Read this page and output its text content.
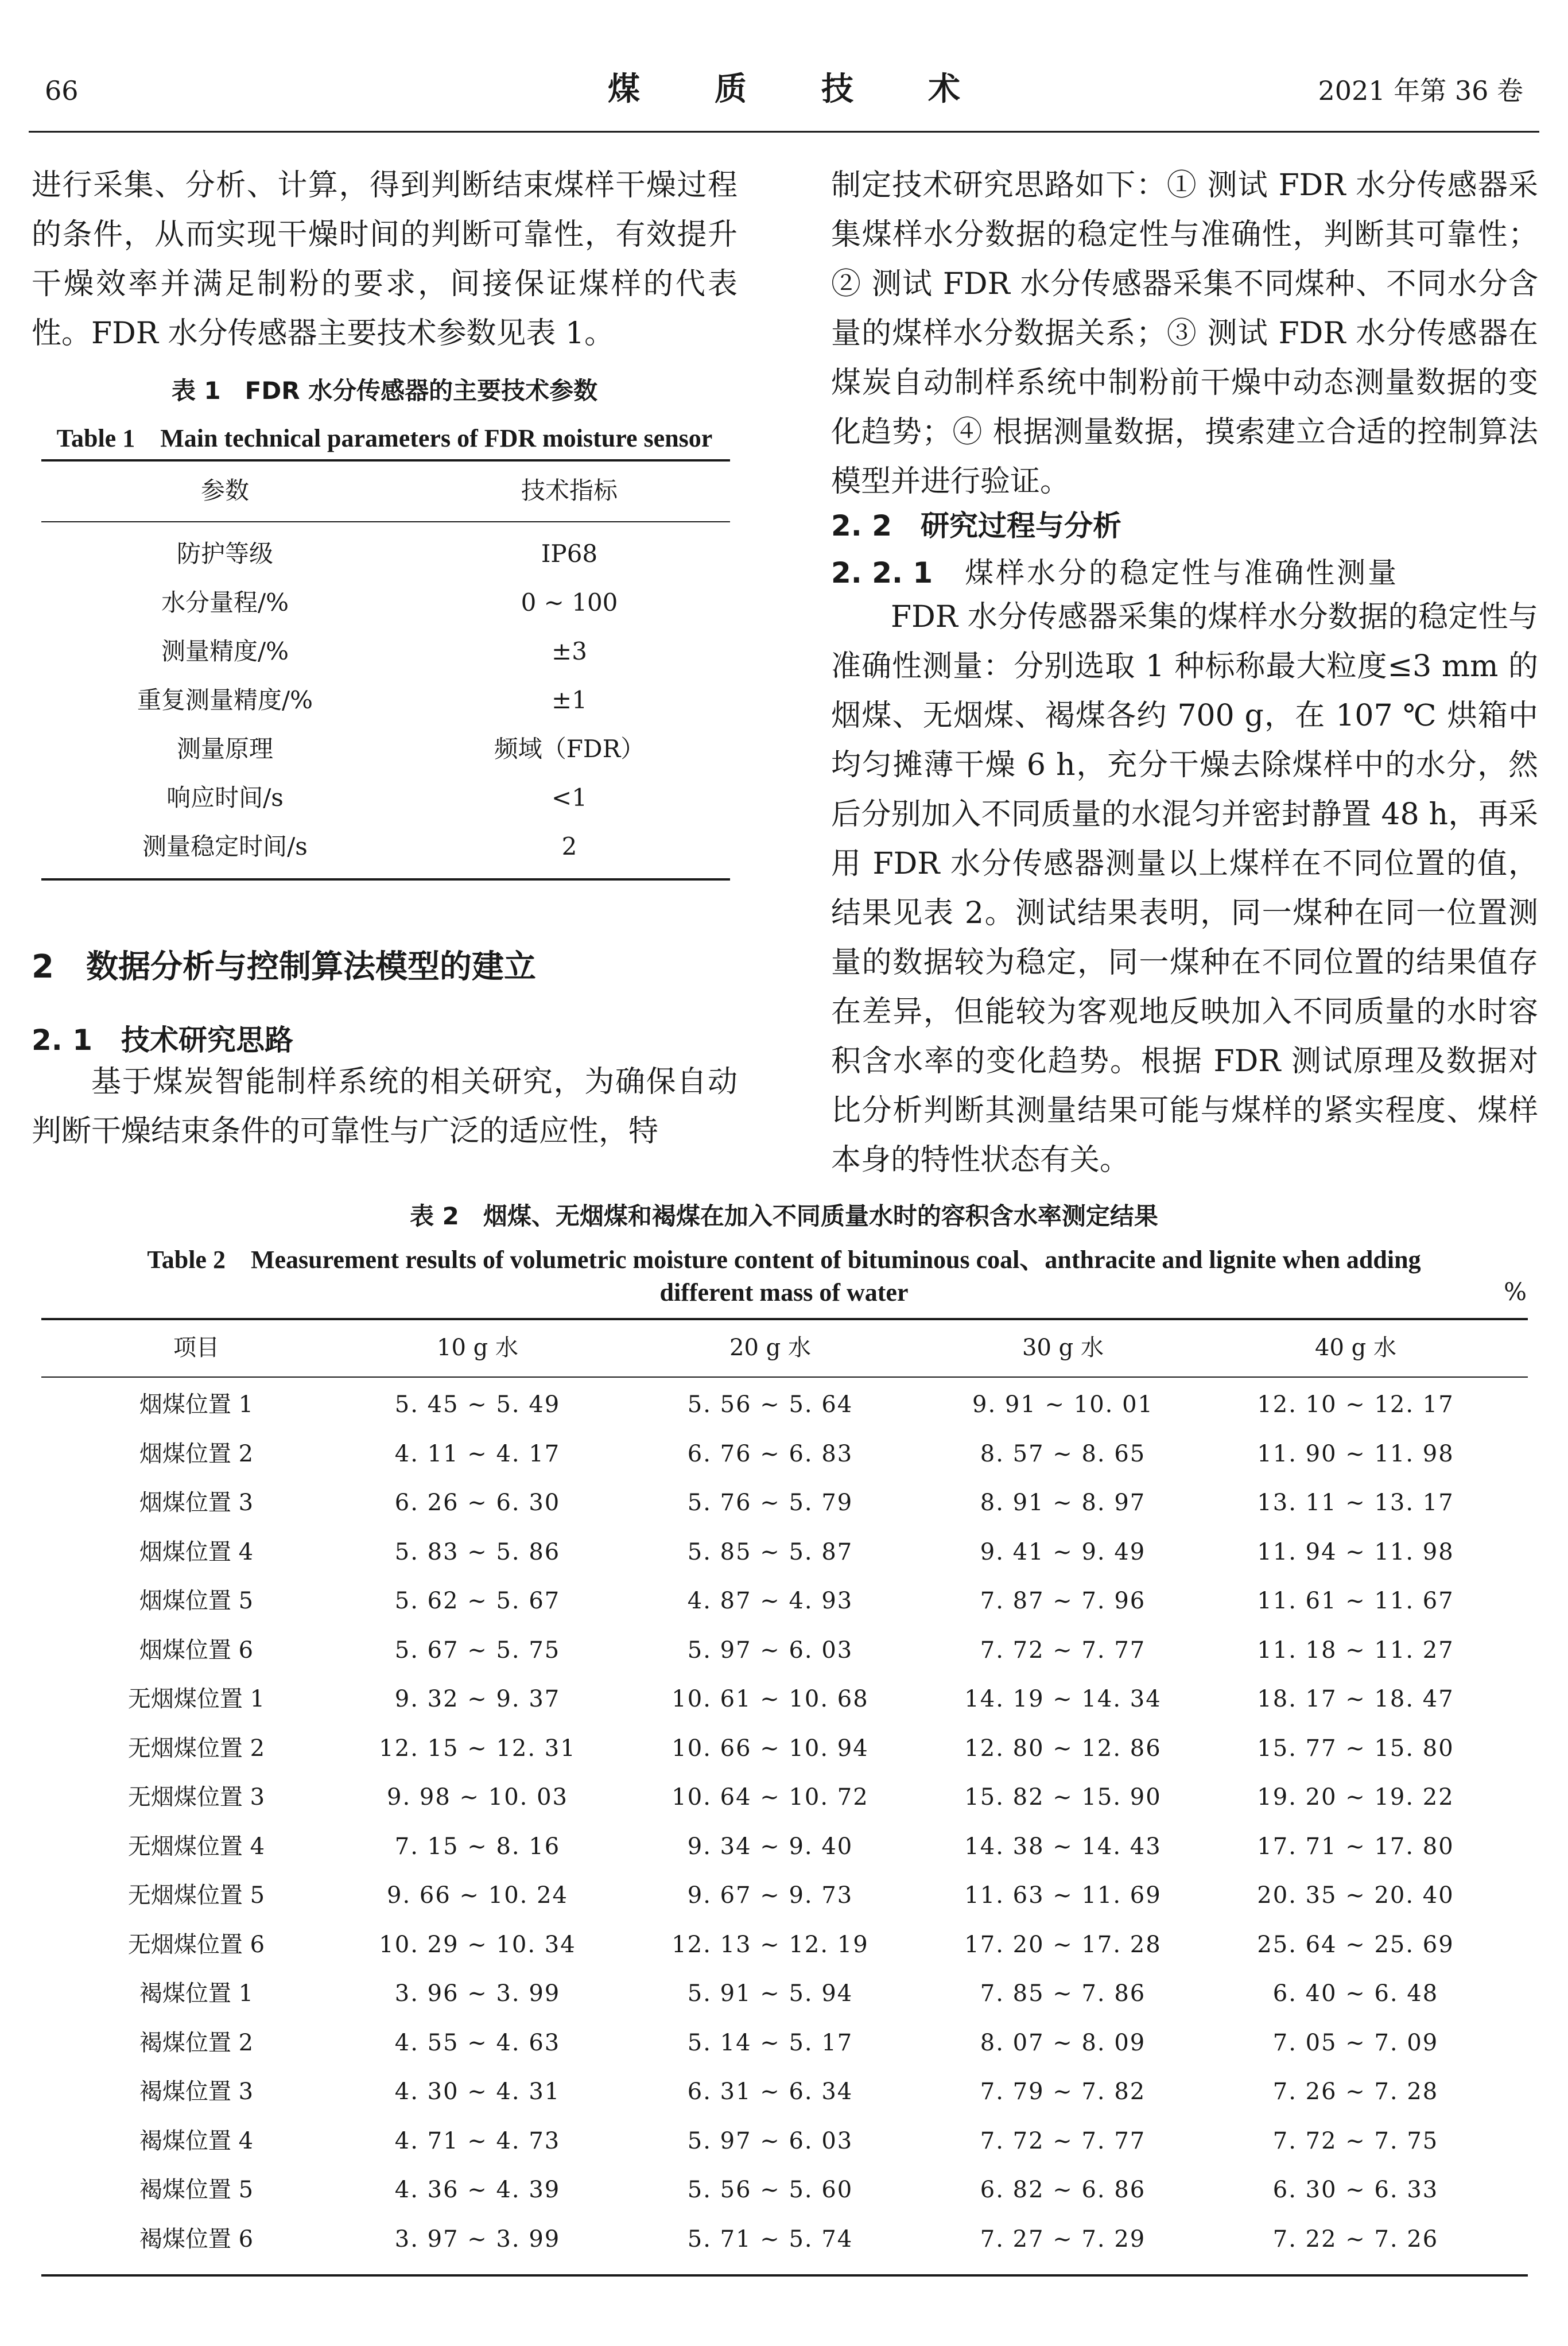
66	煤质技术	2021 年第 36 卷

进行采集、分析、计算，得到判断结束煤样干燥过程的条件，从而实现干燥时间的判断可靠性，有效提升干燥效率并满足制粉的要求，间接保证煤样的代表性。FDR 水分传感器主要技术参数见表 1。

表 1　FDR 水分传感器的主要技术参数
Table 1　Main technical parameters of FDR moisture sensor
参数	技术指标
防护等级	IP68
水分量程/%	0 ~ 100
测量精度/%	±3
重复测量精度/%	±1
测量原理	频域（FDR）
响应时间/s	<1
测量稳定时间/s	2
2　数据分析与控制算法模型的建立
2. 1　技术研究思路

基于煤炭智能制样系统的相关研究，为确保自动判断干燥结束条件的可靠性与广泛的适应性，特

制定技术研究思路如下：① 测试 FDR 水分传感器采集煤样水分数据的稳定性与准确性，判断其可靠性；② 测试 FDR 水分传感器采集不同煤种、不同水分含量的煤样水分数据关系；③ 测试 FDR 水分传感器在煤炭自动制样系统中制粉前干燥中动态测量数据的变化趋势；④ 根据测量数据，摸索建立合适的控制算法模型并进行验证。

2. 2　研究过程与分析
2. 2. 1 煤样水分的稳定性与准确性测量

FDR 水分传感器采集的煤样水分数据的稳定性与准确性测量：分别选取 1 种标称最大粒度≤3 mm 的烟煤、无烟煤、褐煤各约 700 g，在 107 ℃ 烘箱中均匀摊薄干燥 6 h，充分干燥去除煤样中的水分，然后分别加入不同质量的水混匀并密封静置 48 h，再采用 FDR 水分传感器测量以上煤样在不同位置的值，结果见表 2。测试结果表明，同一煤种在同一位置测量的数据较为稳定，同一煤种在不同位置的结果值存在差异，但能较为客观地反映加入不同质量的水时容积含水率的变化趋势。根据 FDR 测试原理及数据对比分析判断其测量结果可能与煤样的紧实程度、煤样本身的特性状态有关。

表 2　烟煤、无烟煤和褐煤在加入不同质量水时的容积含水率测定结果
Table 2　Measurement results of volumetric moisture content of bituminous coal、anthracite and lignite when adding
different mass of water	%
项目	10 g 水	20 g 水	30 g 水	40 g 水
烟煤位置 1	5. 45 ~ 5. 49	5. 56 ~ 5. 64	9. 91 ~ 10. 01	12. 10 ~ 12. 17
烟煤位置 2	4. 11 ~ 4. 17	6. 76 ~ 6. 83	8. 57 ~ 8. 65	11. 90 ~ 11. 98
烟煤位置 3	6. 26 ~ 6. 30	5. 76 ~ 5. 79	8. 91 ~ 8. 97	13. 11 ~ 13. 17
烟煤位置 4	5. 83 ~ 5. 86	5. 85 ~ 5. 87	9. 41 ~ 9. 49	11. 94 ~ 11. 98
烟煤位置 5	5. 62 ~ 5. 67	4. 87 ~ 4. 93	7. 87 ~ 7. 96	11. 61 ~ 11. 67
烟煤位置 6	5. 67 ~ 5. 75	5. 97 ~ 6. 03	7. 72 ~ 7. 77	11. 18 ~ 11. 27
无烟煤位置 1	9. 32 ~ 9. 37	10. 61 ~ 10. 68	14. 19 ~ 14. 34	18. 17 ~ 18. 47
无烟煤位置 2	12. 15 ~ 12. 31	10. 66 ~ 10. 94	12. 80 ~ 12. 86	15. 77 ~ 15. 80
无烟煤位置 3	9. 98 ~ 10. 03	10. 64 ~ 10. 72	15. 82 ~ 15. 90	19. 20 ~ 19. 22
无烟煤位置 4	7. 15 ~ 8. 16	9. 34 ~ 9. 40	14. 38 ~ 14. 43	17. 71 ~ 17. 80
无烟煤位置 5	9. 66 ~ 10. 24	9. 67 ~ 9. 73	11. 63 ~ 11. 69	20. 35 ~ 20. 40
无烟煤位置 6	10. 29 ~ 10. 34	12. 13 ~ 12. 19	17. 20 ~ 17. 28	25. 64 ~ 25. 69
褐煤位置 1	3. 96 ~ 3. 99	5. 91 ~ 5. 94	7. 85 ~ 7. 86	6. 40 ~ 6. 48
褐煤位置 2	4. 55 ~ 4. 63	5. 14 ~ 5. 17	8. 07 ~ 8. 09	7. 05 ~ 7. 09
褐煤位置 3	4. 30 ~ 4. 31	6. 31 ~ 6. 34	7. 79 ~ 7. 82	7. 26 ~ 7. 28
褐煤位置 4	4. 71 ~ 4. 73	5. 97 ~ 6. 03	7. 72 ~ 7. 77	7. 72 ~ 7. 75
褐煤位置 5	4. 36 ~ 4. 39	5. 56 ~ 5. 60	6. 82 ~ 6. 86	6. 30 ~ 6. 33
褐煤位置 6	3. 97 ~ 3. 99	5. 71 ~ 5. 74	7. 27 ~ 7. 29	7. 22 ~ 7. 26
